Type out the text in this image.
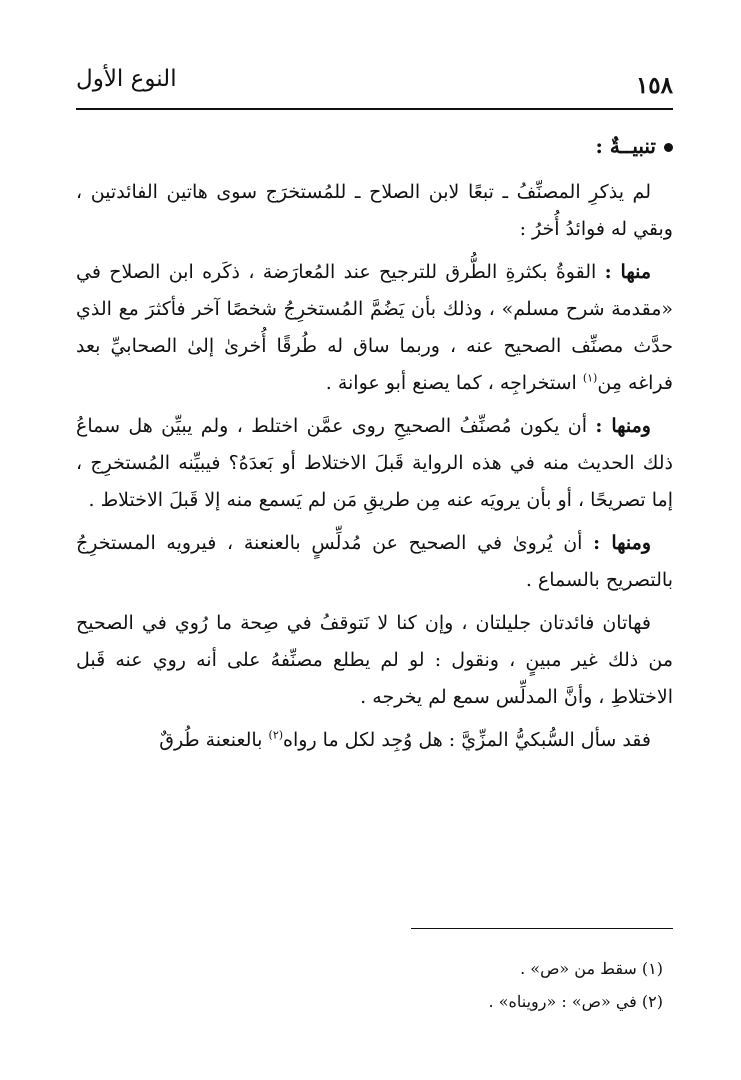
١٥٨
النوع الأول

تنبيــةٌ :

لم يذكرِ المصنِّفُ ـ تبعًا لابن الصلاح ـ للمُستخرَج سوى هاتين الفائدتين ، وبقي له فوائدُ أُخرُ :

منها : القوةُ بكثرةِ الطُّرق للترجيح عند المُعارَضة ، ذكَره ابن الصلاح في «مقدمة شرح مسلم» ، وذلك بأن يَضُمَّ المُستخرِجُ شخصًا آخر فأكثرَ مع الذي حدَّث مصنِّف الصحيح عنه ، وربما ساق له طُرقًا أُخرىٰ إلىٰ الصحابيِّ بعد فراغه مِن$^{(١)}$ استخراجِه ، كما يصنع أبو عوانة .

ومنها : أن يكون مُصنِّفُ الصحيحِ روى عمَّن اختلط ، ولم يبيِّن هل سماعُ ذلك الحديث منه في هذه الرواية قَبلَ الاختلاط أو بَعدَهُ؟ فيبيِّنه المُستخرِج ، إما تصريحًا ، أو بأن يرويَه عنه مِن طريقِ مَن لم يَسمع منه إلا قَبلَ الاختلاط .

ومنها : أن يُروىٰ في الصحيح عن مُدلِّسٍ بالعنعنة ، فيرويه المستخرِجُ بالتصريح بالسماع .

فهاتان فائدتان جليلتان ، وإن كنا لا نَتوقفُ في صِحة ما رُوي في الصحيح من ذلك غير مبينٍ ، ونقول : لو لم يطلع مصنِّفهُ على أنه روي عنه قَبل الاختلاطِ ، وأنَّ المدلِّس سمع لم يخرجه .

فقد سأل السُّبكيُّ المزِّيَّ : هل وُجِد لكل ما رواه$^{(٢)}$ بالعنعنة طُرقٌ

(١) سقط من «ص» .

(٢) في «ص» : «رويناه» .
